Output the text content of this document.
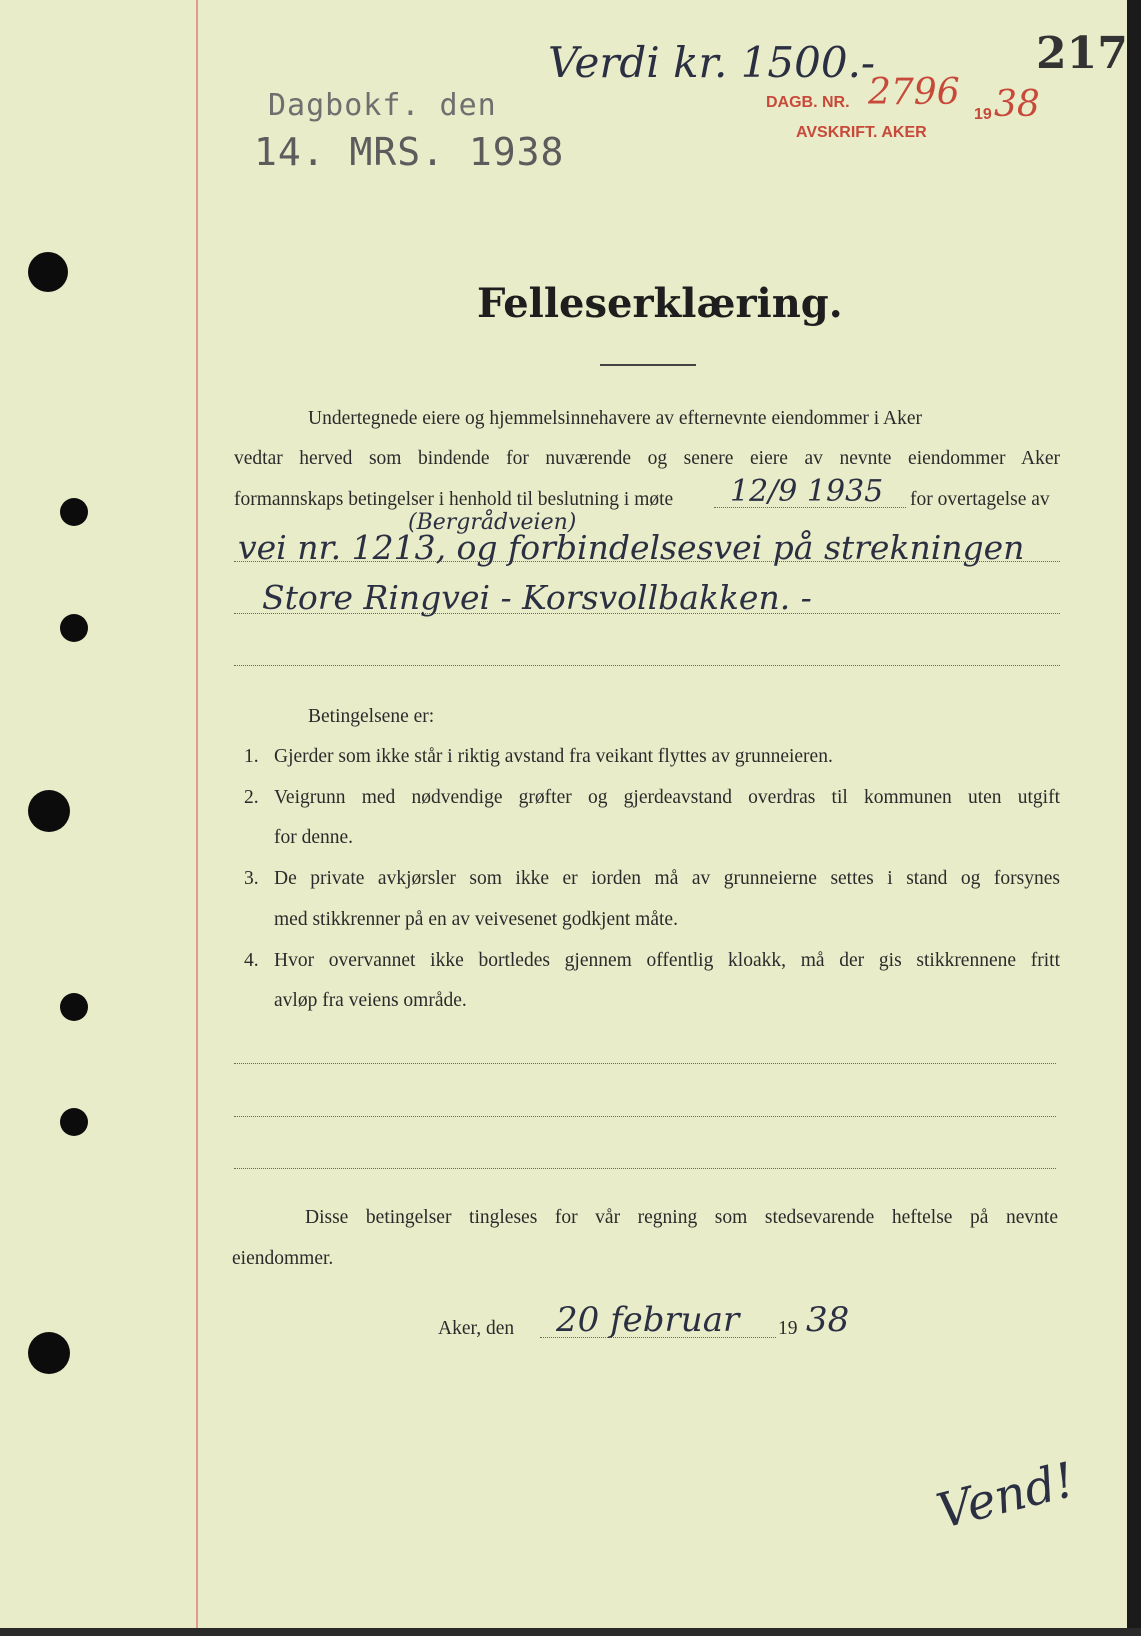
Dagbokf. den
14. MRS. 1938
Verdi kr. 1500.-	217
DAGB. NR. 2796
19 38
AVSKRIFT. AKER
Felleserklæring.
Undertegnede eiere og hjemmelsinnehavere av efternevnte eiendommer i Aker
vedtar herved som bindende for nuværende og senere eiere av nevnte eiendommer Aker
formannskaps betingelser i henhold til beslutning i møte 12/9 1935 for overtagelse av
(Bergrådveien)
vei nr. 1213, og forbindelsesvei på strekningen
Store Ringvei - Korsvollbakken. -
Betingelsene er:
1. Gjerder som ikke står i riktig avstand fra veikant flyttes av grunneieren.
2. Veigrunn med nødvendige grøfter og gjerdeavstand overdras til kommunen uten utgift
for denne.
3. De private avkjørsler som ikke er iorden må av grunneierne settes i stand og forsynes
med stikkrenner på en av veivesenet godkjent måte.
4. Hvor overvannet ikke bortledes gjennem offentlig kloakk, må der gis stikkrennene fritt
avløp fra veiens område.
Disse betingelser tingleses for vår regning som stedsevarende heftelse på nevnte
eiendommer.
Aker, den 20 februar 19 38
Vend!
